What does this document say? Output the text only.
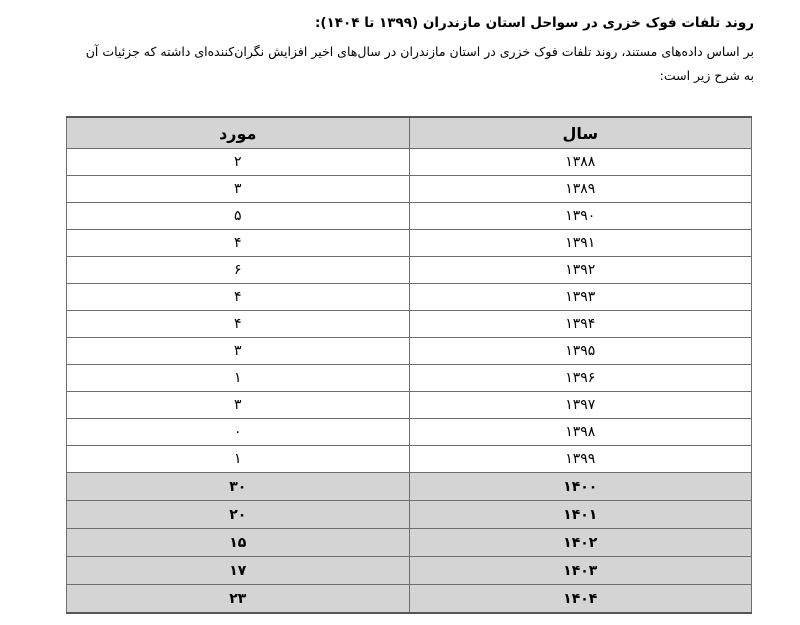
روند تلفات فوک خزری در سواحل استان مازندران (۱۳۹۹ تا ۱۴۰۴):
بر اساس داده‌های مستند، روند تلفات فوک خزری در استان مازندران در سال‌های اخیر افزایش نگران‌کننده‌ای داشته که جزئیات آن
به شرح زیر است:
سال	مورد
۱۳۸۸	۲
۱۳۸۹	۳
۱۳۹۰	۵
۱۳۹۱	۴
۱۳۹۲	۶
۱۳۹۳	۴
۱۳۹۴	۴
۱۳۹۵	۳
۱۳۹۶	۱
۱۳۹۷	۳
۱۳۹۸	۰
۱۳۹۹	۱
۱۴۰۰	۳۰
۱۴۰۱	۲۰
۱۴۰۲	۱۵
۱۴۰۳	۱۷
۱۴۰۴	۲۳
